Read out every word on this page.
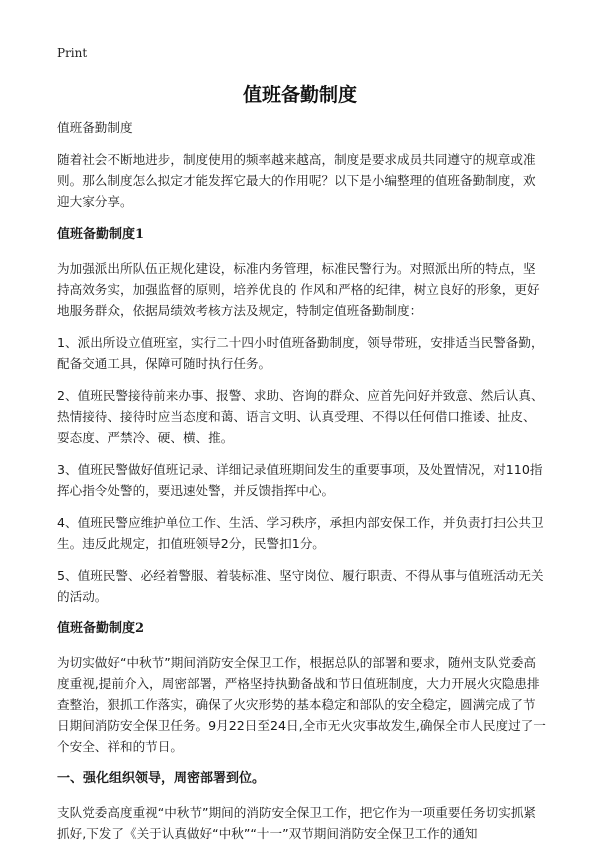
Print
值班备勤制度

值班备勤制度

随着社会不断地进步，制度使用的频率越来越高，制度是要求成员共同遵守的规章或准则。那么制度怎么拟定才能发挥它最大的作用呢？以下是小编整理的值班备勤制度，欢迎大家分享。

值班备勤制度1

为加强派出所队伍正规化建设，标准内务管理，标准民警行为。对照派出所的特点，坚持高效务实，加强监督的原则，培养优良的 作风和严格的纪律，树立良好的形象，更好地服务群众，依据局绩效考核方法及规定，特制定值班备勤制度：

1、派出所设立值班室，实行二十四小时值班备勤制度，领导带班，安排适当民警备勤，配备交通工具，保障可随时执行任务。

2、值班民警接待前来办事、报警、求助、咨询的群众、应首先问好并致意、然后认真、热情接待、接待时应当态度和蔼、语言文明、认真受理、不得以任何借口推诿、扯皮、耍态度、严禁冷、硬、横、推。

3、值班民警做好值班记录、详细记录值班期间发生的重要事项，及处置情况，对110指挥心指令处警的，要迅速处警，并反馈指挥中心。

4、值班民警应维护单位工作、生活、学习秩序，承担内部安保工作，并负责打扫公共卫生。违反此规定，扣值班领导2分，民警扣1分。

5、值班民警、必经着警服、着装标准、坚守岗位、履行职责、不得从事与值班活动无关的活动。

值班备勤制度2

为切实做好“中秋节”期间消防安全保卫工作，根据总队的部署和要求，随州支队党委高度重视,提前介入，周密部署，严格坚持执勤备战和节日值班制度，大力开展火灾隐患排查整治，狠抓工作落实，确保了火灾形势的基本稳定和部队的安全稳定，圆满完成了节日期间消防安全保卫任务。9月22日至24日,全市无火灾事故发生,确保全市人民度过了一个安全、祥和的节日。

一、强化组织领导，周密部署到位。

支队党委高度重视“中秋节”期间的消防安全保卫工作，把它作为一项重要任务切实抓紧抓好,下发了《关于认真做好“中秋”“十一”双节期间消防安全保卫工作的通知
